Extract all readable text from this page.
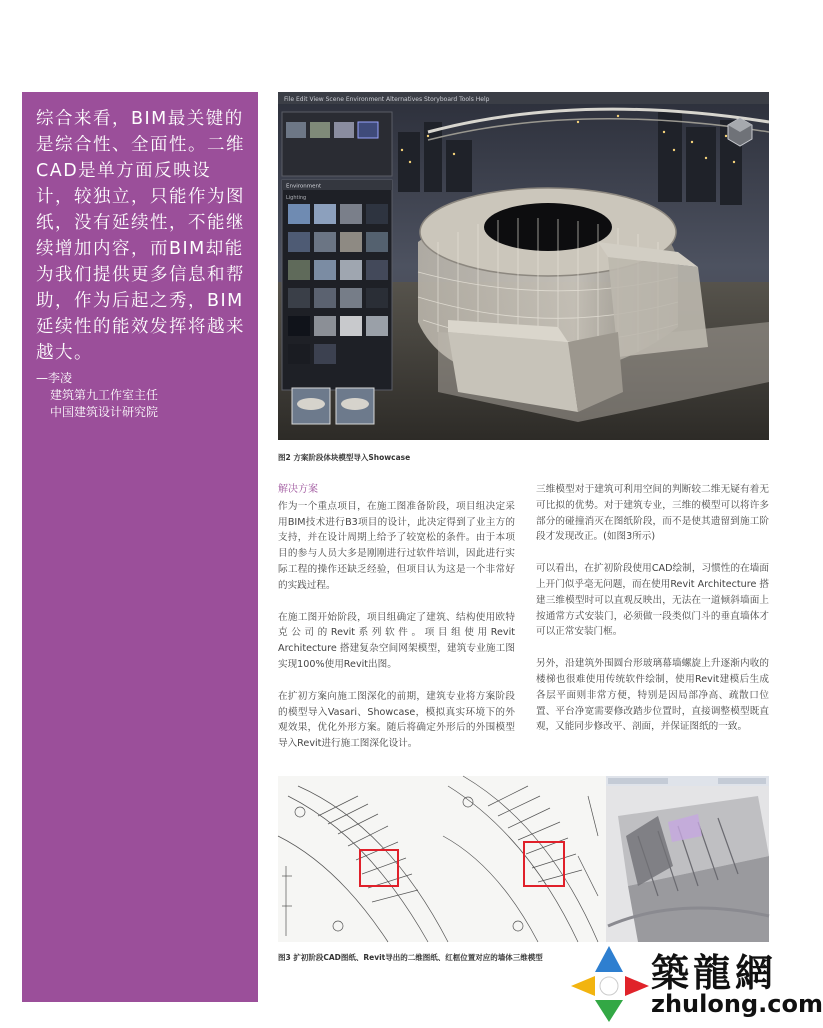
综合来看，BIM最关键的是综合性、全面性。二维CAD是单方面反映设计，较独立，只能作为图纸，没有延续性，不能继续增加内容，而BIM却能为我们提供更多信息和帮助，作为后起之秀，BIM延续性的能效发挥将越来越大。

—李凌
建筑第九工作室主任
中国建筑设计研究院
File Edit View Scene Environment Alternatives Storyboard Tools Help
Environment
Lighting
图2 方案阶段体块模型导入Showcase
解决方案

作为一个重点项目，在施工图准备阶段，项目组决定采用BIM技术进行B3项目的设计，此决定得到了业主方的支持，并在设计周期上给予了较宽松的条件。由于本项目的参与人员大多是刚刚进行过软件培训，因此进行实际工程的操作还缺乏经验，但项目认为这是一个非常好的实践过程。

在施工图开始阶段，项目组确定了建筑、结构使用欧特克公司的Revit系列软件。项目组使用Revit Architecture 搭建复杂空间网架模型，建筑专业施工图实现100%使用Revit出图。

在扩初方案向施工图深化的前期，建筑专业将方案阶段的模型导入Vasari、Showcase，模拟真实环境下的外观效果，优化外形方案。随后将确定外形后的外围模型导入Revit进行施工图深化设计。

三维模型对于建筑可利用空间的判断较二维无疑有着无可比拟的优势。对于建筑专业，三维的模型可以将许多部分的碰撞消灭在图纸阶段，而不是使其遗留到施工阶段才发现改正。(如图3所示)

可以看出，在扩初阶段使用CAD绘制，习惯性的在墙面上开门似乎毫无问题，而在使用Revit Architecture 搭建三维模型时可以直观反映出，无法在一道倾斜墙面上按通常方式安装门，必须做一段类似门斗的垂直墙体才可以正常安装门框。

另外，沿建筑外围圆台形玻璃幕墙螺旋上升逐渐内收的楼梯也很难使用传统软件绘制，使用Revit建模后生成各层平面则非常方便，特别是因局部净高、疏散口位置、平台净宽需要修改踏步位置时，直接调整模型既直观，又能同步修改平、剖面，并保证图纸的一致。

图3 扩初阶段CAD图纸、Revit导出的二维图纸、红框位置对应的墙体三维模型	築龍網
zhulong.com
